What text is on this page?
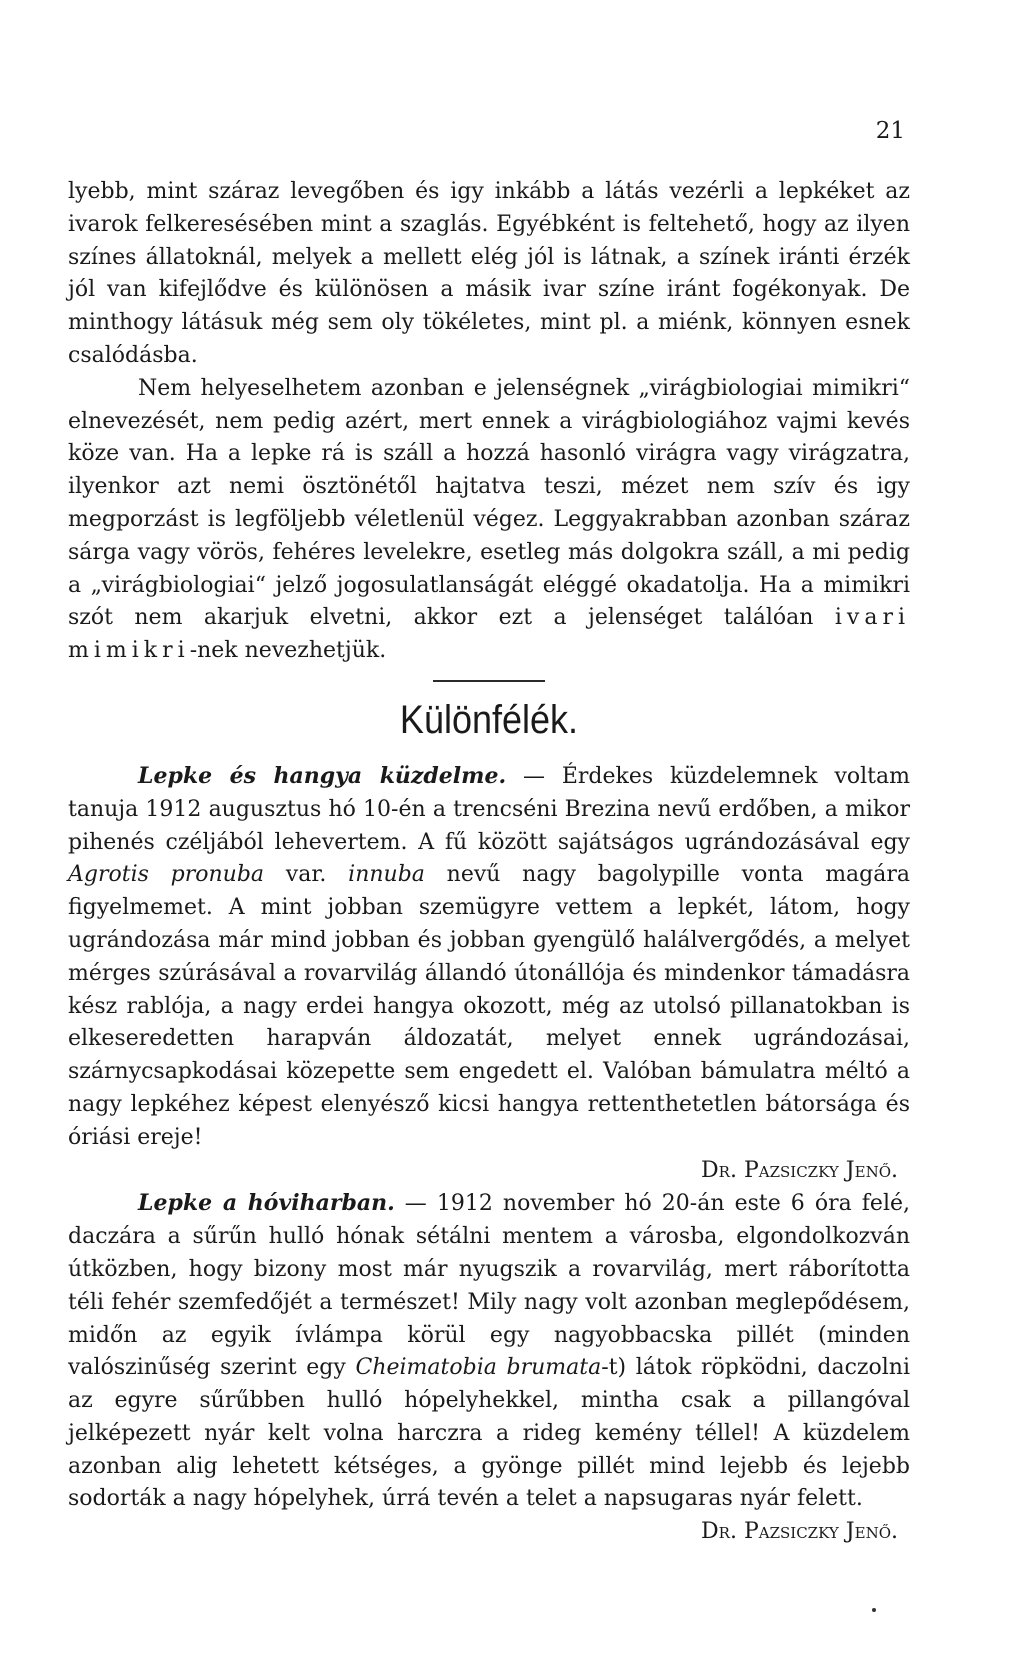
21

lyebb, mint száraz levegőben és igy inkább a látás vezérli a lepkéket az ivarok felkeresésében mint a szaglás. Egyébként is feltehető, hogy az ilyen színes állatoknál, melyek a mellett elég jól is látnak, a színek iránti érzék jól van kifejlődve és különösen a másik ivar színe iránt fogékonyak. De minthogy látásuk még sem oly tökéletes, mint pl. a miénk, könnyen esnek csalódásba.

Nem helyeselhetem azonban e jelenségnek „virágbiologiai mimikri“ elnevezését, nem pedig azért, mert ennek a virágbiologiához vajmi kevés köze van. Ha a lepke rá is száll a hozzá hasonló virágra vagy virágzatra, ilyenkor azt nemi ösztönétől hajtatva teszi, mézet nem szív és igy megporzást is legföljebb véletlenül végez. Leggyakrabban azonban száraz sárga vagy vörös, fehéres levelekre, esetleg más dolgokra száll, a mi pedig a „virágbiologiai“ jelző jogosulatlanságát eléggé okadatolja. Ha a mimikri szót nem akarjuk elvetni, akkor ezt a jelenséget találóan ivari mimikri-nek nevezhetjük.

Különfélék.

Lepke és hangya küzdelme. — Érdekes küzdelemnek voltam tanuja 1912 augusztus hó 10-én a trencséni Brezina nevű erdőben, a mikor pihenés czéljából lehevertem. A fű között sajátságos ugrándozásával egy Agrotis pronuba var. innuba nevű nagy bagolypille vonta magára figyelmemet. A mint jobban szemügyre vettem a lepkét, látom, hogy ugrándozása már mind jobban és jobban gyengülő halálvergődés, a melyet mérges szúrásával a rovarvilág állandó útonállója és mindenkor támadásra kész rablója, a nagy erdei hangya okozott, még az utolsó pillanatokban is elkeseredetten harapván áldozatát, melyet ennek ugrándozásai, szárnycsapkodásai közepette sem engedett el. Valóban bámulatra méltó a nagy lepkéhez képest elenyésző kicsi hangya rettenthetetlen bátorsága és óriási ereje!

Dr. Pazsiczky Jenő.

Lepke a hóviharban. — 1912 november hó 20-án este 6 óra felé, daczára a sűrűn hulló hónak sétálni mentem a városba, elgondolkozván útközben, hogy bizony most már nyugszik a rovarvilág, mert ráborította téli fehér szemfedőjét a természet! Mily nagy volt azonban meglepődésem, midőn az egyik ívlámpa körül egy nagyobbacska pillét (minden valószinűség szerint egy Cheimatobia brumata-t) látok röpködni, daczolni az egyre sűrűbben hulló hópelyhekkel, mintha csak a pillangóval jelképezett nyár kelt volna harczra a rideg kemény téllel! A küzdelem azonban alig lehetett kétséges, a gyönge pillét mind lejebb és lejebb sodorták a nagy hópelyhek, úrrá tevén a telet a napsugaras nyár felett.
Dr. Pazsiczky Jenő.
